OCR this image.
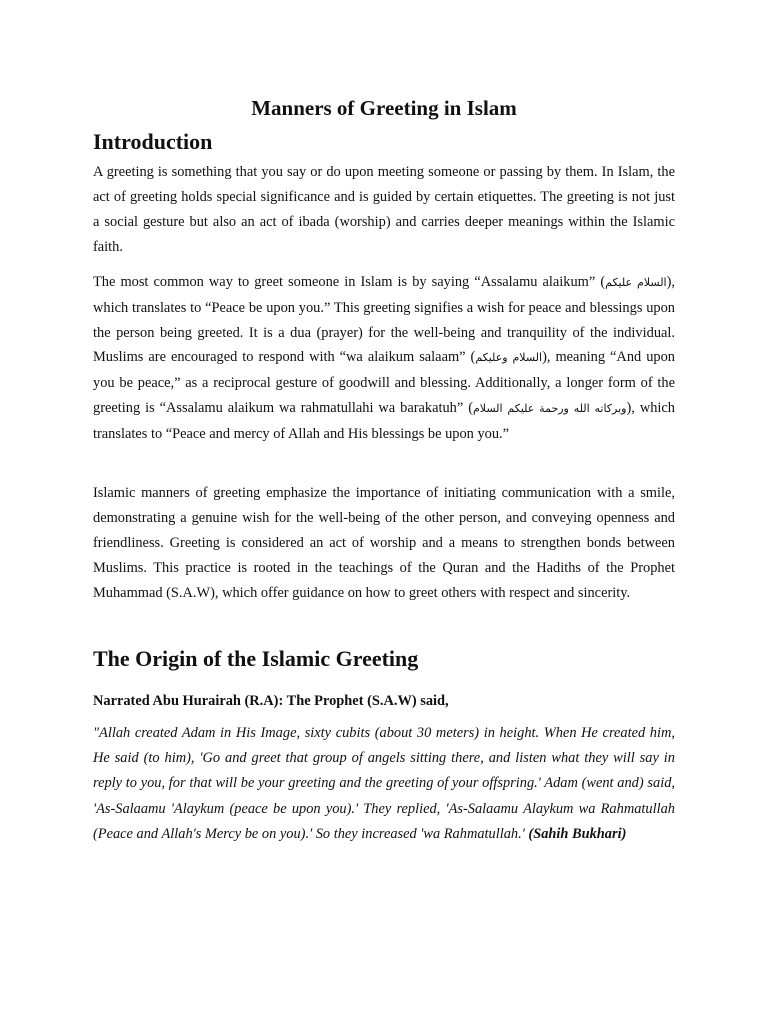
Manners of Greeting in Islam
Introduction

A greeting is something that you say or do upon meeting someone or passing by them. In Islam, the act of greeting holds special significance and is guided by certain etiquettes. The greeting is not just a social gesture but also an act of ibada (worship) and carries deeper meanings within the Islamic faith.

The most common way to greet someone in Islam is by saying “Assalamu alaikum” (السلام عليكم), which translates to “Peace be upon you.” This greeting signifies a wish for peace and blessings upon the person being greeted. It is a dua (prayer) for the well-being and tranquility of the individual. Muslims are encouraged to respond with “wa alaikum salaam” (السلام وعليكم), meaning “And upon you be peace,” as a reciprocal gesture of goodwill and blessing. Additionally, a longer form of the greeting is “Assalamu alaikum wa rahmatullahi wa barakatuh” (وبركاته الله ورحمة عليكم السلام), which translates to “Peace and mercy of Allah and His blessings be upon you.”

Islamic manners of greeting emphasize the importance of initiating communication with a smile, demonstrating a genuine wish for the well-being of the other person, and conveying openness and friendliness. Greeting is considered an act of worship and a means to strengthen bonds between Muslims. This practice is rooted in the teachings of the Quran and the Hadiths of the Prophet Muhammad (S.A.W), which offer guidance on how to greet others with respect and sincerity.

The Origin of the Islamic Greeting

Narrated Abu Hurairah (R.A): The Prophet (S.A.W) said,

"Allah created Adam in His Image, sixty cubits (about 30 meters) in height. When He created him, He said (to him), 'Go and greet that group of angels sitting there, and listen what they will say in reply to you, for that will be your greeting and the greeting of your offspring.' Adam (went and) said, 'As-Salaamu 'Alaykum (peace be upon you).' They replied, 'As-Salaamu Alaykum wa Rahmatullah (Peace and Allah's Mercy be on you).' So they increased 'wa Rahmatullah.' (Sahih Bukhari)
